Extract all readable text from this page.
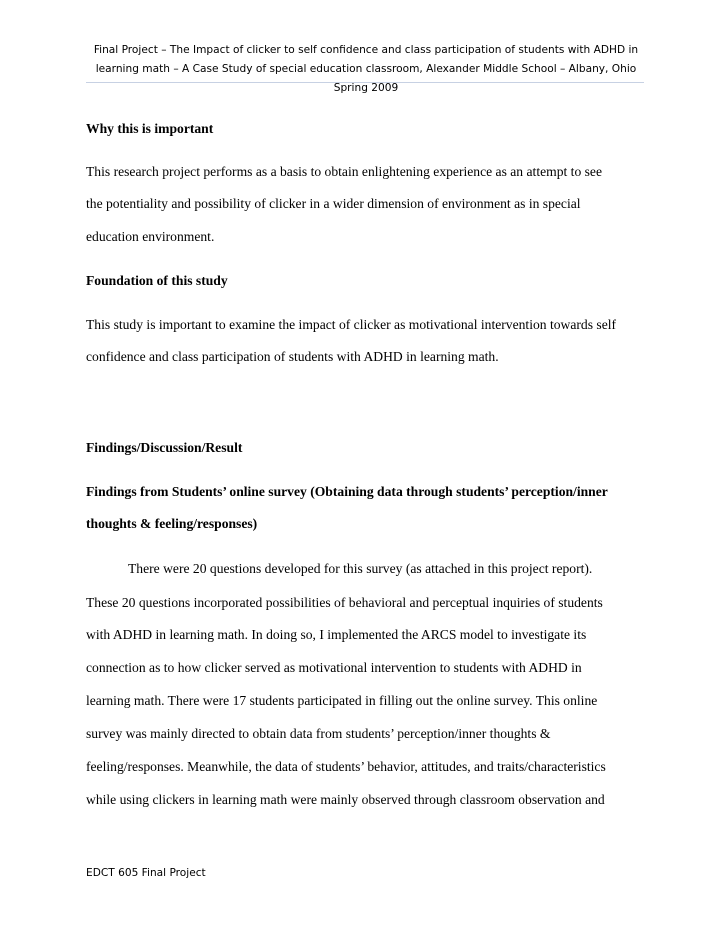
Final Project – The Impact of clicker to self confidence and class participation of students with ADHD in
learning math – A Case Study of special education classroom, Alexander Middle School – Albany, Ohio
Spring 2009
Why this is important
This research project performs as a basis to obtain enlightening experience as an attempt to see
the potentiality and possibility of clicker in a wider dimension of environment as in special
education environment.
Foundation of this study
This study is important to examine the impact of clicker as motivational intervention towards self
confidence and class participation of students with ADHD in learning math.
Findings/Discussion/Result
Findings from Students’ online survey (Obtaining data through students’ perception/inner
thoughts & feeling/responses)
There were 20 questions developed for this survey (as attached in this project report).
These 20 questions incorporated possibilities of behavioral and perceptual inquiries of students
with ADHD in learning math. In doing so, I implemented the ARCS model to investigate its
connection as to how clicker served as motivational intervention to students with ADHD in
learning math. There were 17 students participated in filling out the online survey. This online
survey was mainly directed to obtain data from students’ perception/inner thoughts &
feeling/responses. Meanwhile, the data of students’ behavior, attitudes, and traits/characteristics
while using clickers in learning math were mainly observed through classroom observation and
EDCT 605 Final Project
